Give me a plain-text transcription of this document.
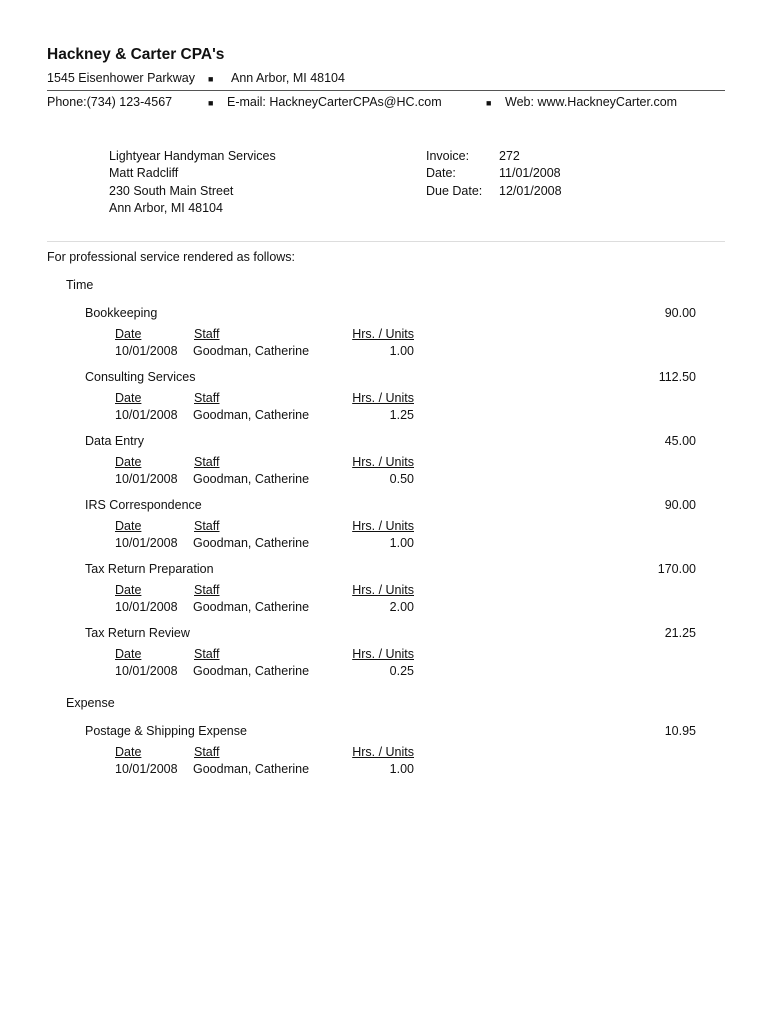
Hackney & Carter CPA's
1545 Eisenhower Parkway ■ Ann Arbor, MI 48104
Phone:(734) 123-4567	■ E-mail: HackneyCarterCPAs@HC.com	■ Web: www.HackneyCarter.com
Lightyear Handyman Services
Matt Radcliff
230 South Main Street
Ann Arbor, MI 48104
Invoice: 272
Date:	11/01/2008
Due Date: 12/01/2008
For professional service rendered as follows:
Time
Bookkeeping	90.00
Date	Staff	Hrs. / Units
10/01/2008 Goodman, Catherine	1.00
Consulting Services	112.50
Date	Staff	Hrs. / Units
10/01/2008 Goodman, Catherine	1.25
Data Entry	45.00
Date	Staff	Hrs. / Units
10/01/2008 Goodman, Catherine	0.50
IRS Correspondence	90.00
Date	Staff	Hrs. / Units
10/01/2008 Goodman, Catherine	1.00
Tax Return Preparation	170.00
Date	Staff	Hrs. / Units
10/01/2008 Goodman, Catherine	2.00
Tax Return Review	21.25
Date	Staff	Hrs. / Units
10/01/2008 Goodman, Catherine	0.25
Expense
Postage & Shipping Expense	10.95
Date	Staff	Hrs. / Units
10/01/2008 Goodman, Catherine	1.00
